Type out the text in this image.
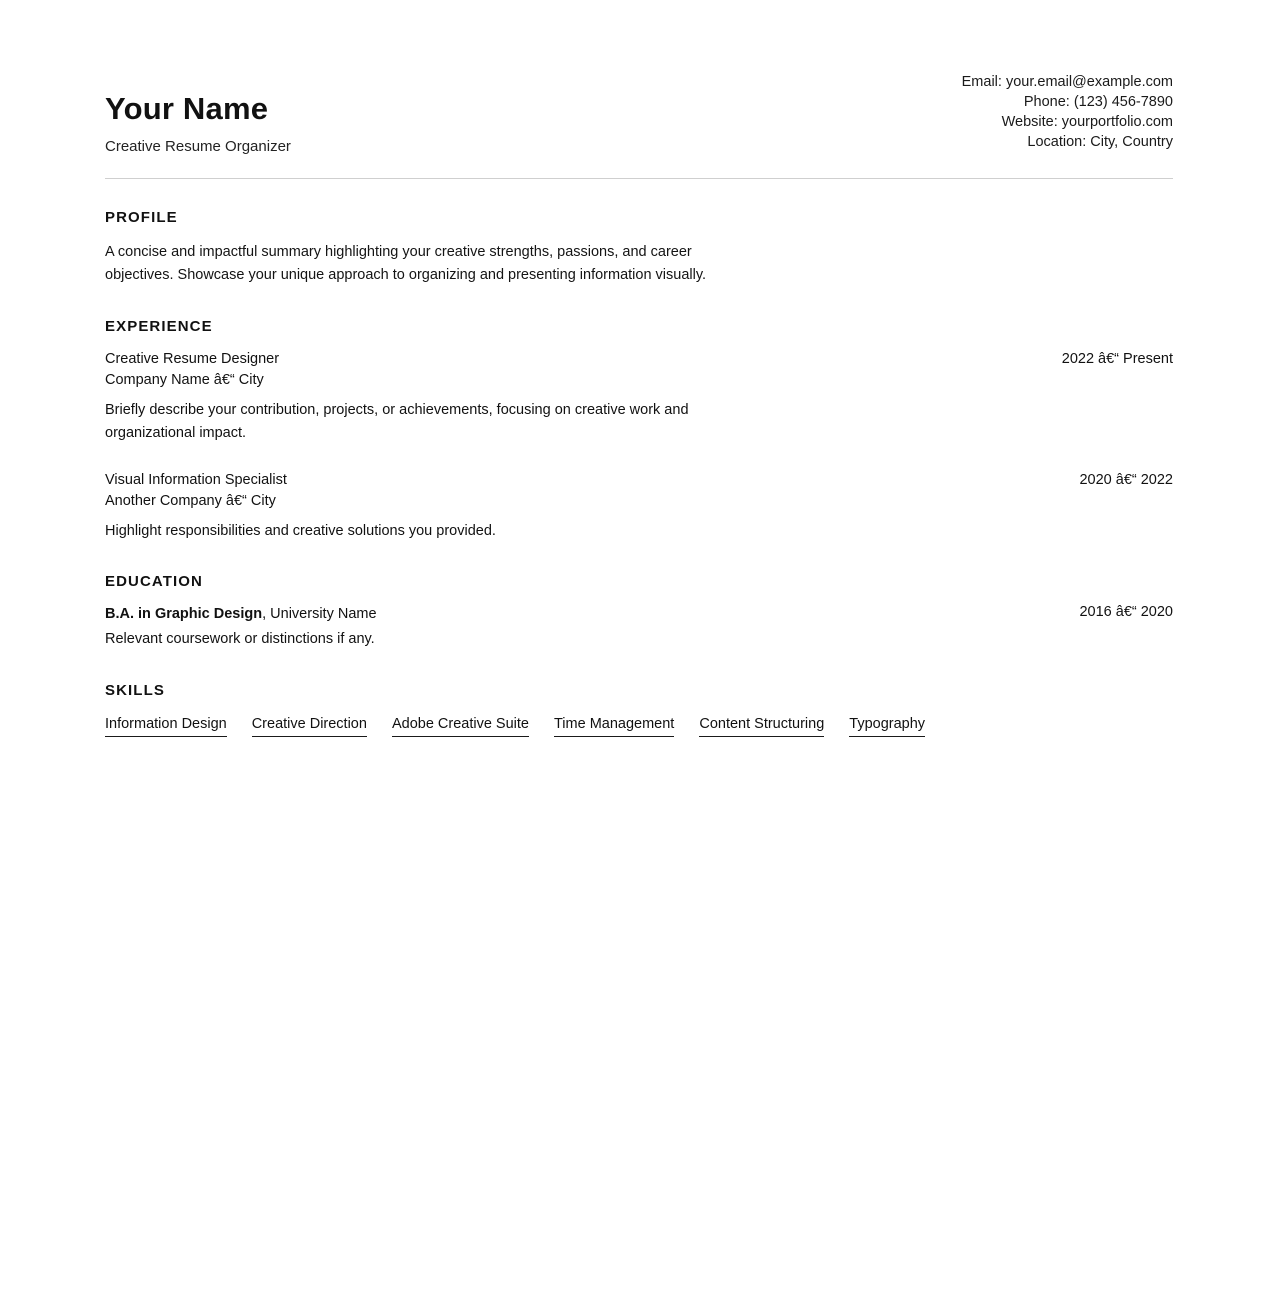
Your Name
Creative Resume Organizer
Email: your.email@example.com
Phone: (123) 456-7890
Website: yourportfolio.com
Location: City, Country
PROFILE

A concise and impactful summary highlighting your creative strengths, passions, and career objectives. Showcase your unique approach to organizing and presenting information visually.

EXPERIENCE
Creative Resume Designer
Company Name â€“ City
2022 â€“ Present
Briefly describe your contribution, projects, or achievements, focusing on creative work and organizational impact.
Visual Information Specialist
Another Company â€“ City
2020 â€“ 2022
Highlight responsibilities and creative solutions you provided.
EDUCATION
B.A. in Graphic Design, University Name	2016 â€“ 2020
Relevant coursework or distinctions if any.
SKILLS
Information Design Creative Direction Adobe Creative Suite Time Management Content Structuring Typography
